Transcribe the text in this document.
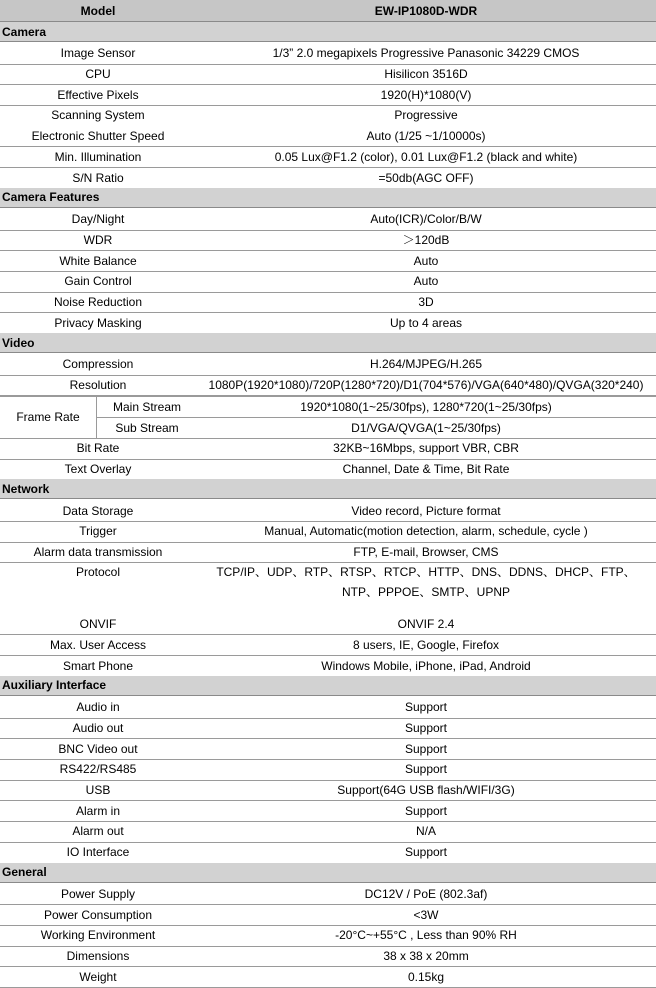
Model	EW-IP1080D-WDR
Camera
Image Sensor	1/3” 2.0 megapixels Progressive Panasonic 34229 CMOS
CPU	Hisilicon 3516D
Effective Pixels	1920(H)*1080(V)
Scanning System	Progressive
Electronic Shutter Speed	Auto (1/25 ~1/10000s)
Min. Illumination	0.05 Lux@F1.2 (color), 0.01 Lux@F1.2 (black and white)
S/N Ratio	=50db(AGC OFF)
Camera Features
Day/Night	Auto(ICR)/Color/B/W
WDR	＞120dB
White Balance	Auto
Gain Control	Auto
Noise Reduction	3D
Privacy Masking	Up to 4 areas
Video
Compression	H.264/MJPEG/H.265
Resolution	1080P(1920*1080)/720P(1280*720)/D1(704*576)/VGA(640*480)/QVGA(320*240)
Frame Rate
Main Stream	1920*1080(1~25/30fps), 1280*720(1~25/30fps)
Sub Stream	D1/VGA/QVGA(1~25/30fps)
Bit Rate	32KB~16Mbps, support VBR, CBR
Text Overlay	Channel, Date & Time, Bit Rate
Network
Data Storage	Video record, Picture format
Trigger	Manual, Automatic(motion detection, alarm, schedule, cycle )
Alarm data transmission	FTP, E-mail, Browser, CMS
Protocol	TCP/IP、UDP、RTP、RTSP、RTCP、HTTP、DNS、DDNS、DHCP、FTP、NTP、PPPOE、SMTP、UPNP
ONVIF	ONVIF 2.4
Max. User Access	8 users, IE, Google, Firefox
Smart Phone	Windows Mobile, iPhone, iPad, Android
Auxiliary Interface
Audio in	Support
Audio out	Support
BNC Video out	Support
RS422/RS485	Support
USB	Support(64G USB flash/WIFI/3G)
Alarm in	Support
Alarm out	N/A
IO Interface	Support
General
Power Supply	DC12V / PoE (802.3af)
Power Consumption	<3W
Working Environment	-20°C~+55°C , Less than 90% RH
Dimensions	38 x 38 x 20mm
Weight	0.15kg
